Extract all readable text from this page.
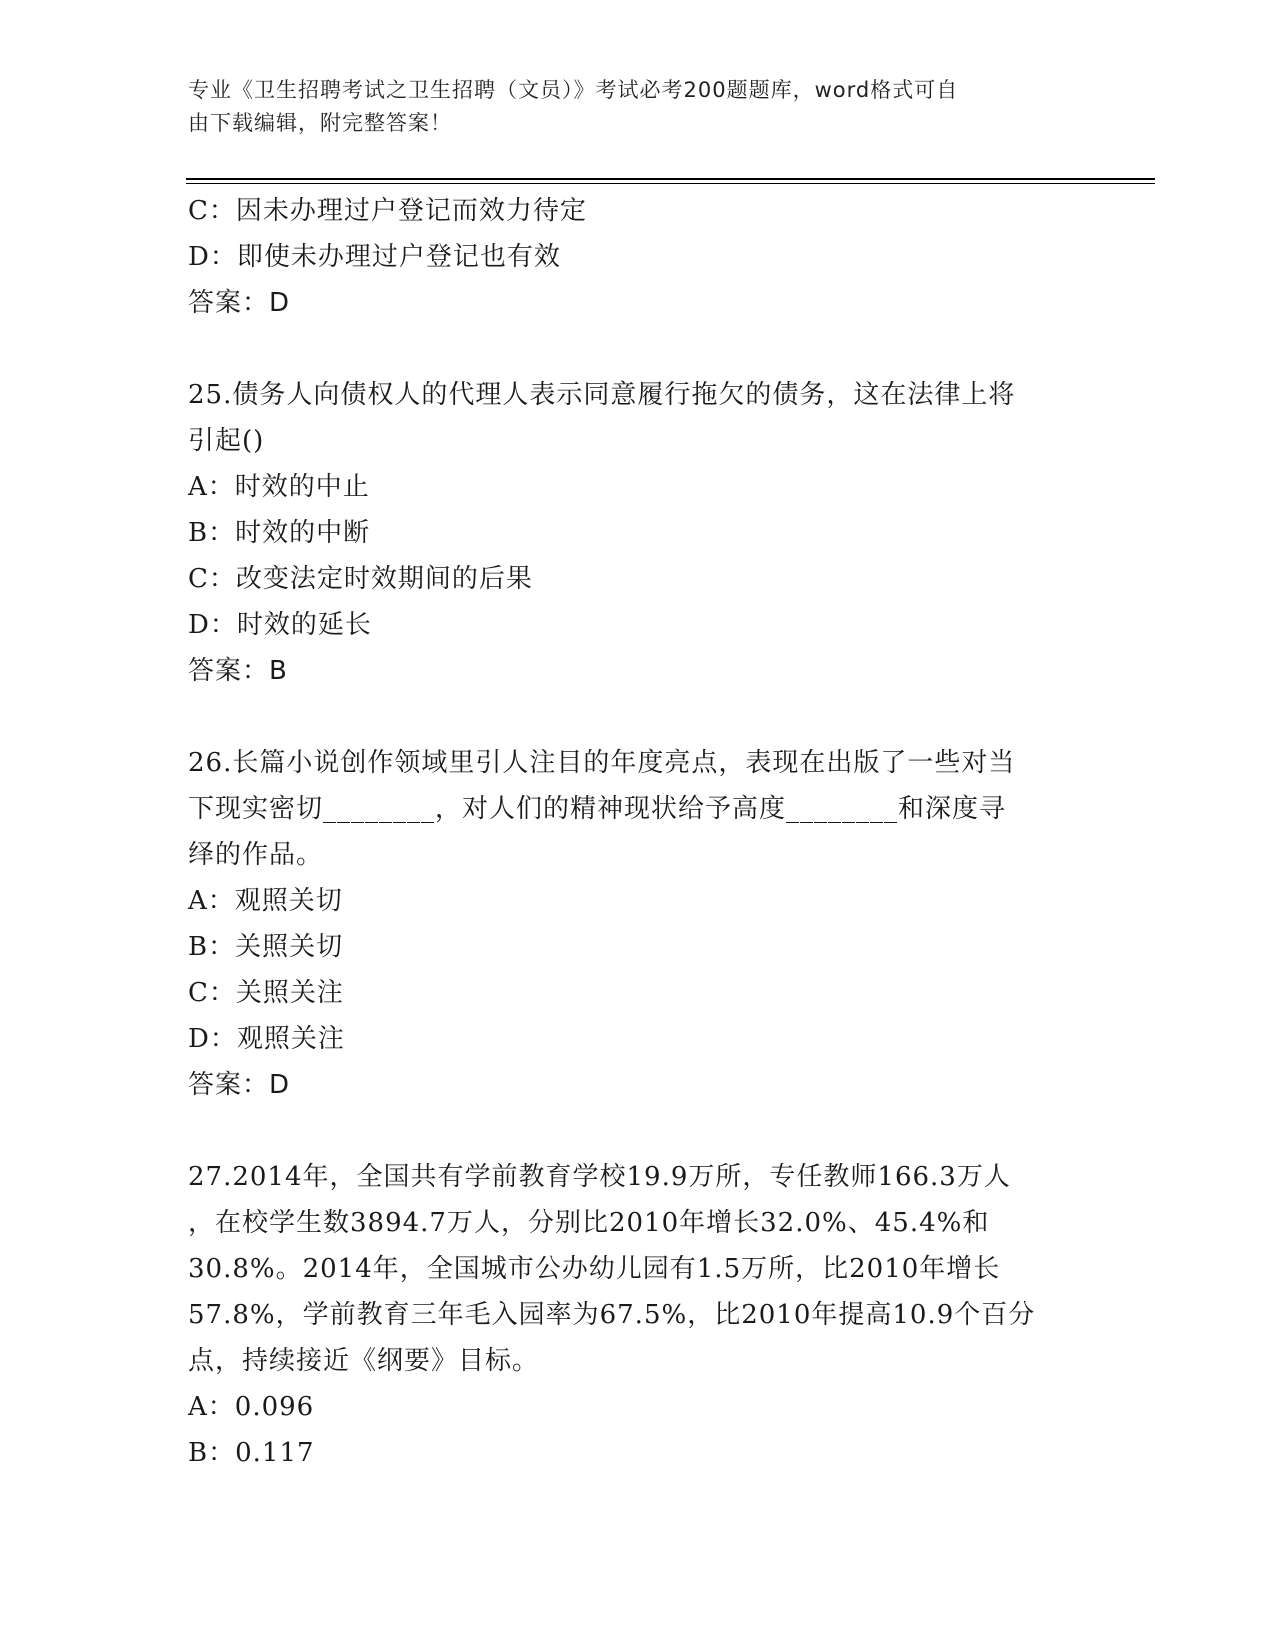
专业《卫生招聘考试之卫生招聘（文员）》考试必考200题题库，word格式可自
由下载编辑，附完整答案！
C：因未办理过户登记而效力待定
D：即使未办理过户登记也有效
答案：D
25.债务人向债权人的代理人表示同意履行拖欠的债务，这在法律上将
引起()
A：时效的中止
B：时效的中断
C：改变法定时效期间的后果
D：时效的延长
答案：B
26.长篇小说创作领域里引人注目的年度亮点，表现在出版了一些对当
下现实密切________，对人们的精神现状给予高度________和深度寻
绎的作品。
A：观照关切
B：关照关切
C：关照关注
D：观照关注
答案：D
27.2014年，全国共有学前教育学校19.9万所，专任教师166.3万人
，在校学生数3894.7万人，分别比2010年增长32.0%、45.4%和
30.8%。2014年，全国城市公办幼儿园有1.5万所，比2010年增长
57.8%，学前教育三年毛入园率为67.5%，比2010年提高10.9个百分
点，持续接近《纲要》目标。
A：0.096
B：0.117
